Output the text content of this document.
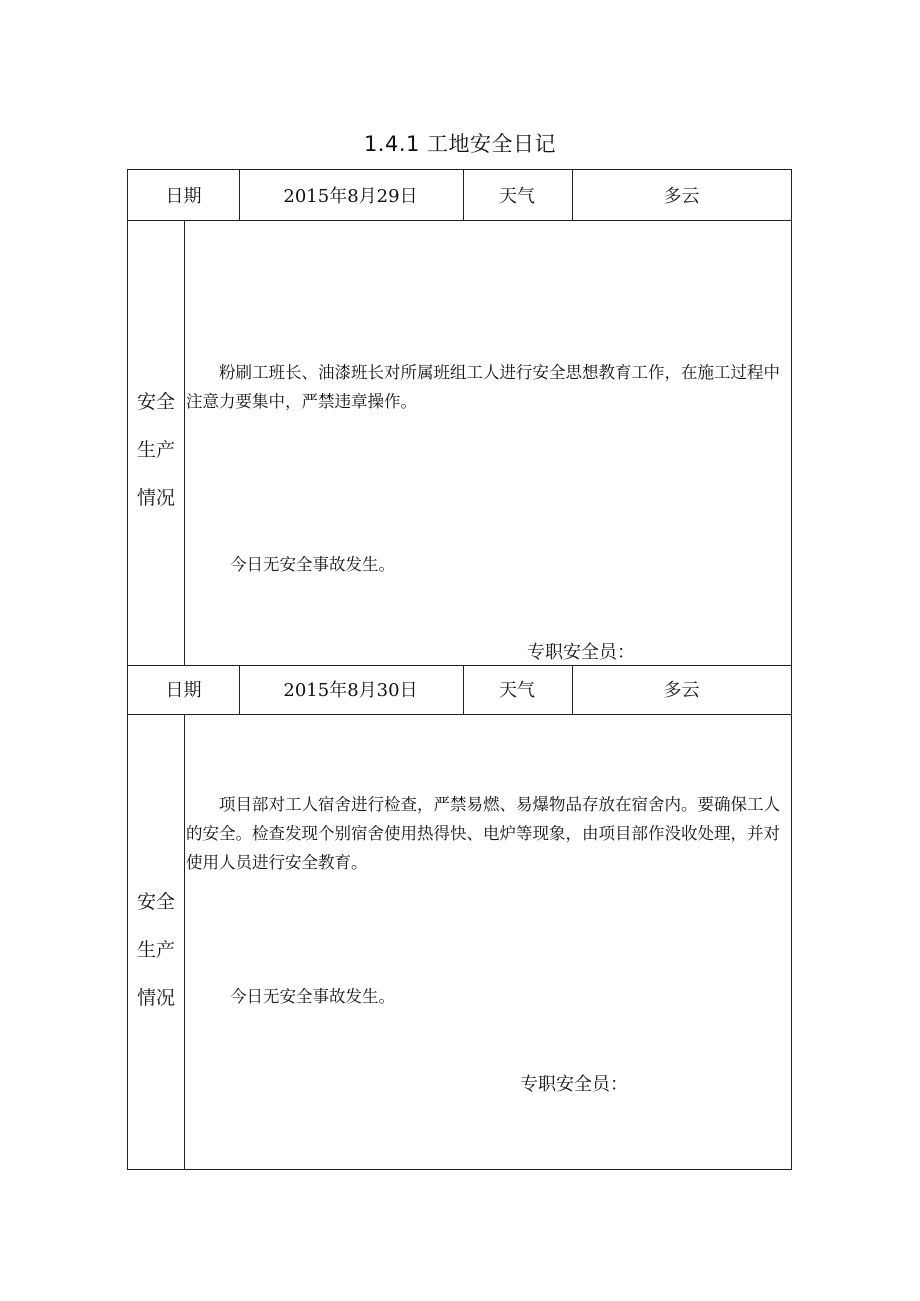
1.4.1 工地安全日记
日期	2015年8月29日	天气	多云
安全
生产
情况
粉刷工班长、油漆班长对所属班组工人进行安全思想教育工作，在施工过程中注意力要集中，严禁违章操作。
今日无安全事故发生。
专职安全员：
日期	2015年8月30日	天气	多云
安全
生产
情况
项目部对工人宿舍进行检查，严禁易燃、易爆物品存放在宿舍内。要确保工人的安全。检查发现个别宿舍使用热得快、电炉等现象，由项目部作没收处理，并对使用人员进行安全教育。
今日无安全事故发生。
专职安全员：
